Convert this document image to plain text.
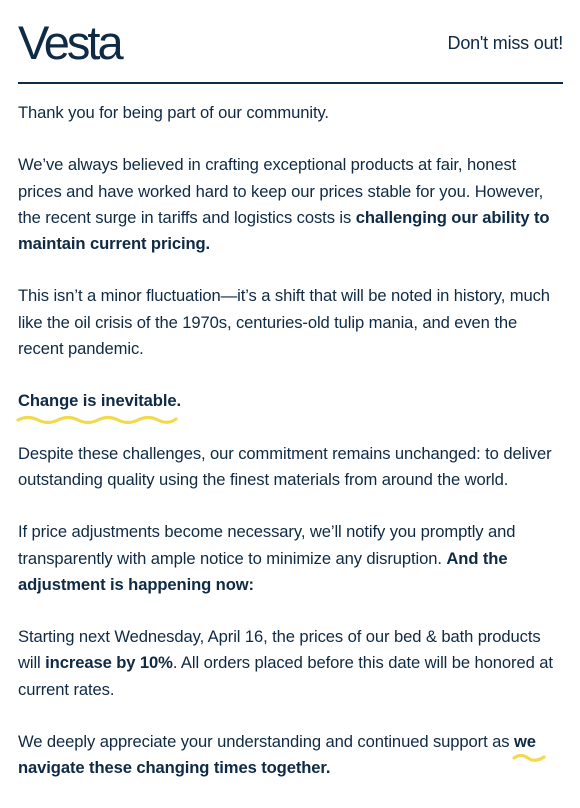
Vesta	Don't miss out!

Thank you for being part of our community.

We’ve always believed in crafting exceptional products at fair, honest prices and have worked hard to keep our prices stable for you. However, the recent surge in tariffs and logistics costs is challenging our ability to maintain current pricing.

This isn’t a minor fluctuation—it’s a shift that will be noted in history, much like the oil crisis of the 1970s, centuries-old tulip mania, and even the recent pandemic.

Change is inevitable.

Despite these challenges, our commitment remains unchanged: to deliver outstanding quality using the finest materials from around the world.

If price adjustments become necessary, we’ll notify you promptly and transparently with ample notice to minimize any disruption. And the adjustment is happening now:

Starting next Wednesday, April 16, the prices of our bed & bath products will increase by 10%. All orders placed before this date will be honored at current rates.

We deeply appreciate your understanding and continued support as we
navigate these changing times together.
